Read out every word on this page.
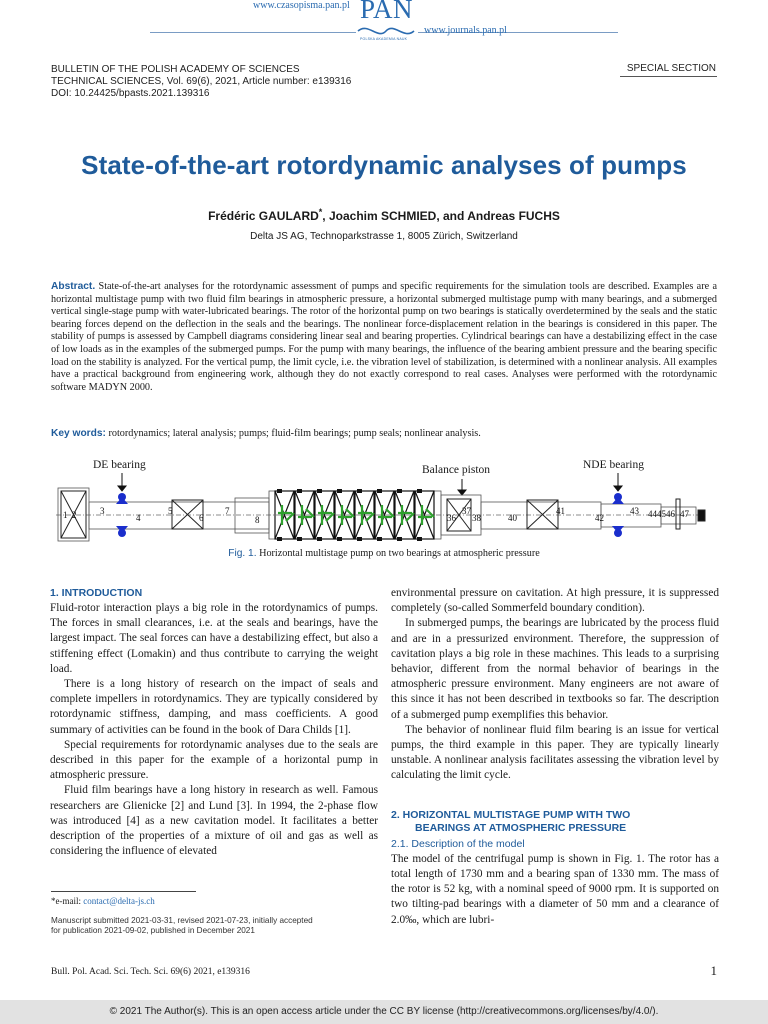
www.czasopisma.pan.pl PAN
POLSKA AKADEMIA NAUK
www.journals.pan.pl
BULLETIN OF THE POLISH ACADEMY OF SCIENCES
TECHNICAL SCIENCES, Vol. 69(6), 2021, Article number: e139316
DOI: 10.24425/bpasts.2021.139316
SPECIAL SECTION
State-of-the-art rotordynamic analyses of pumps
Frédéric GAULARD*, Joachim SCHMIED, and Andreas FUCHS
Delta JS AG, Technoparkstrasse 1, 8005 Zürich, Switzerland
Abstract. State-of-the-art analyses for the rotordynamic assessment of pumps and specific requirements for the simulation tools are described. Examples are a horizontal multistage pump with two fluid film bearings in atmospheric pressure, a horizontal submerged multistage pump with many bearings, and a submerged vertical single-stage pump with water-lubricated bearings. The rotor of the horizontal pump on two bearings is statically overdetermined by the seals and the static bearing forces depend on the deflection in the seals and the bearings. The nonlinear force-displacement relation in the bearings is considered in this paper. The stability of pumps is assessed by Campbell diagrams considering linear seal and bearing properties. Cylindrical bearings can have a destabilizing effect in the case of low loads as in the examples of the submerged pumps. For the pump with many bearings, the influence of the bearing ambient pressure and the bearing specific load on the stability is analyzed. For the vertical pump, the limit cycle, i.e. the vibration level of stabilization, is determined with a nonlinear analysis. All examples have a practical background from engineering work, although they do not exactly correspond to real cases. Analyses were performed with the rotordynamic software MADYN 2000.
Key words: rotordynamics; lateral analysis; pumps; fluid-film bearings; pump seals; nonlinear analysis.
DE bearing	Balance piston	NDE bearing
1 2	3
4
5
6
7
8	36
37
38	40
41
42
43 44 45 46 47
Fig. 1. Horizontal multistage pump on two bearings at atmospheric pressure
1. INTRODUCTION

Fluid-rotor interaction plays a big role in the rotordynamics of pumps. The forces in small clearances, i.e. at the seals and bearings, have the largest impact. The seal forces can have a destabilizing effect, but also a stiffening effect (Lomakin) and thus contribute to carrying the weight load.

There is a long history of research on the impact of seals and complete impellers in rotordynamics. They are typically considered by rotordynamic stiffness, damping, and mass coefficients. A good summary of activities can be found in the book of Dara Childs [1].

Special requirements for rotordynamic analyses due to the seals are described in this paper for the example of a horizontal pump in atmospheric pressure.

Fluid film bearings have a long history in research as well. Famous researchers are Glienicke [2] and Lund [3]. In 1994, the 2-phase flow was introduced [4] as a new cavitation model. It facilitates a better description of the properties of a mixture of oil and gas as well as considering the influence of elevated

environmental pressure on cavitation. At high pressure, it is suppressed completely (so-called Sommerfeld boundary condition).

In submerged pumps, the bearings are lubricated by the process fluid and are in a pressurized environment. Therefore, the suppression of cavitation plays a big role in these machines. This leads to a surprising behavior, different from the normal behavior of bearings in the atmospheric pressure environment. Many engineers are not aware of this since it has not been described in textbooks so far. The description of a submerged pump exemplifies this behavior.

The behavior of nonlinear fluid film bearing is an issue for vertical pumps, the third example in this paper. They are typically linearly unstable. A nonlinear analysis facilitates assessing the vibration level by calculating the limit cycle.

2. HORIZONTAL MULTISTAGE PUMP WITH TWO
BEARINGS AT ATMOSPHERIC PRESSURE
2.1. Description of the model

The model of the centrifugal pump is shown in Fig. 1. The rotor has a total length of 1730 mm and a bearing span of 1330 mm. The mass of the rotor is 52 kg, with a nominal speed of 9000 rpm. It is supported on two tilting-pad bearings with a diameter of 50 mm and a clearance of 2.0‰, which are lubri-

*e-mail: contact@delta-js.ch
Manuscript submitted 2021-03-31, revised 2021-07-23, initially accepted
for publication 2021-09-02, published in December 2021
Bull. Pol. Acad. Sci. Tech. Sci. 69(6) 2021, e139316	1
© 2021 The Author(s). This is an open access article under the CC BY license (http://creativecommons.org/licenses/by/4.0/).
